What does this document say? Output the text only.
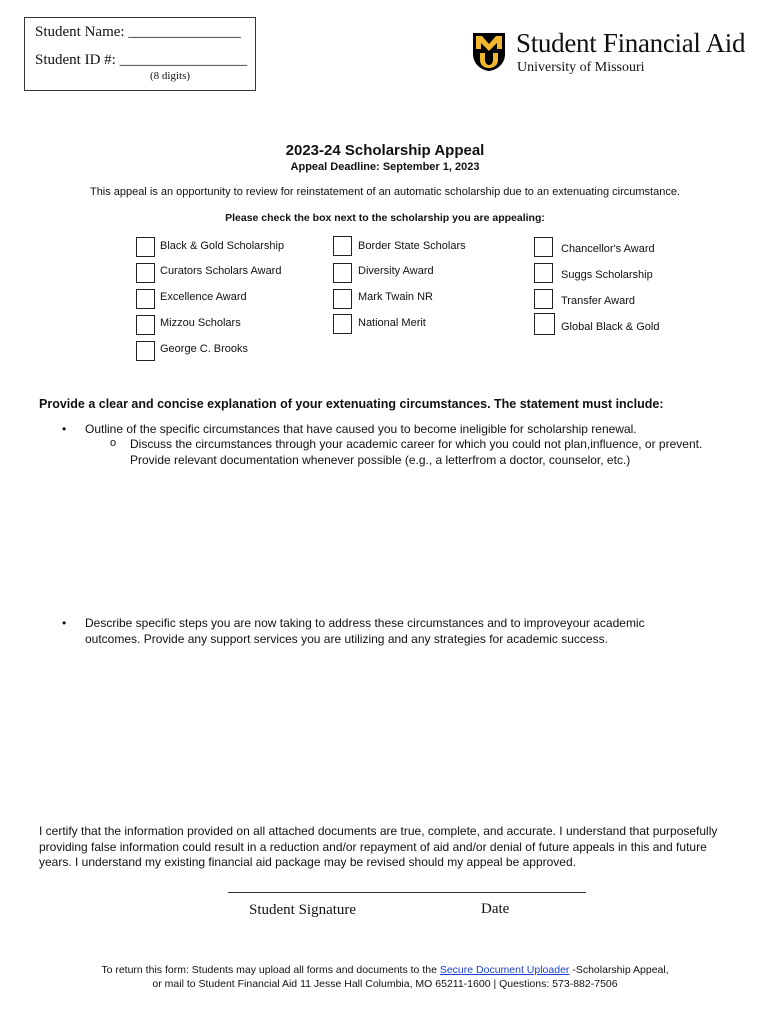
Student Name: _______________
Student ID #: _________________
(8 digits)
Student Financial Aid
University of Missouri
2023-24 Scholarship Appeal
Appeal Deadline: September 1, 2023
This appeal is an opportunity to review for reinstatement of an automatic scholarship due to an extenuating circumstance.
Please check the box next to the scholarship you are appealing:
Black & Gold Scholarship
Curators Scholars Award
Excellence Award
Mizzou Scholars
George C. Brooks
Border State Scholars
Diversity Award
Mark Twain NR
National Merit
Chancellor's Award
Suggs Scholarship
Transfer Award
Global Black & Gold
Provide a clear and concise explanation of your extenuating circumstances. The statement must include:
• Outline of the specific circumstances that have caused you to become ineligible for scholarship renewal.
o Discuss the circumstances through your academic career for which you could not plan,influence, or prevent. Provide relevant documentation whenever possible (e.g., a letterfrom a doctor, counselor, etc.)
• Describe specific steps you are now taking to address these circumstances and to improveyour academic outcomes. Provide any support services you are utilizing and any strategies for academic success.
I certify that the information provided on all attached documents are true, complete, and accurate. I understand that purposefully providing false information could result in a reduction and/or repayment of aid and/or denial of future appeals in this and future years. I understand my existing financial aid package may be revised should my appeal be approved.
Student Signature	Date
To return this form: Students may upload all forms and documents to the Secure Document Uploader -Scholarship Appeal,
or mail to Student Financial Aid 11 Jesse Hall Columbia, MO 65211-1600 | Questions: 573-882-7506
